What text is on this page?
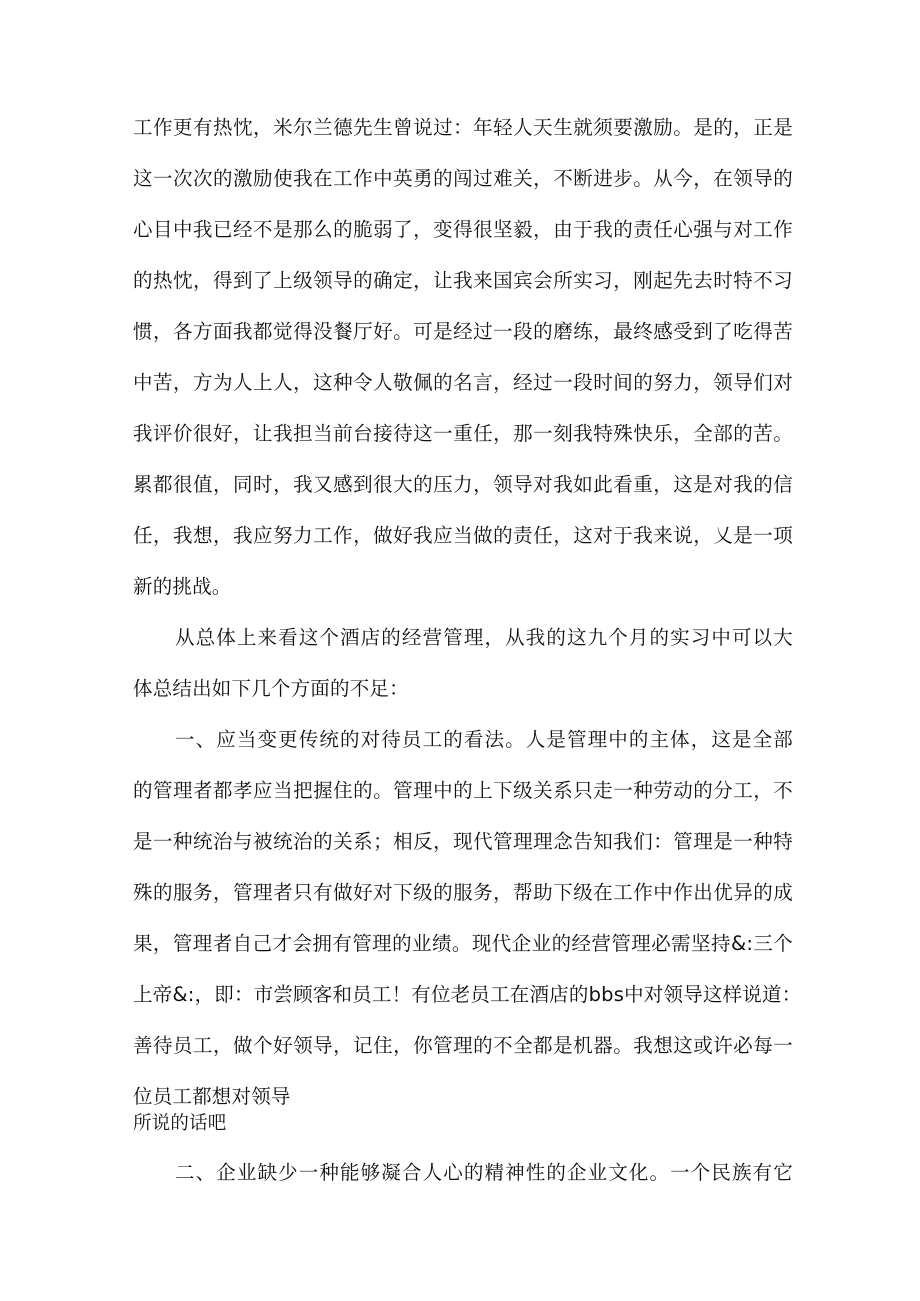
工作更有热忱，米尔兰德先生曾说过：年轻人天生就须要激励。是的，正是
这一次次的激励使我在工作中英勇的闯过难关，不断进步。从今，在领导的
心目中我已经不是那么的脆弱了，变得很坚毅，由于我的责任心强与对工作
的热忱，得到了上级领导的确定，让我来国宾会所实习，刚起先去时特不习
惯，各方面我都觉得没餐厅好。可是经过一段的磨练，最终感受到了吃得苦
中苦，方为人上人，这种令人敬佩的名言，经过一段时间的努力，领导们对
我评价很好，让我担当前台接待这一重任，那一刻我特殊快乐，全部的苦。
累都很值，同时，我又感到很大的压力，领导对我如此看重，这是对我的信
任，我想，我应努力工作，做好我应当做的责任，这对于我来说，乂是一项
新的挑战。
从总体上来看这个酒店的经营管理，从我的这九个月的实习中可以大
体总结出如下几个方面的不足：
一、应当变更传统的对待员工的看法。人是管理中的主体，这是全部
的管理者都孝应当把握住的。管理中的上下级关系只走一种劳动的分工，不
是一种统治与被统治的关系；相反，现代管理理念告知我们：管理是一种特
殊的服务，管理者只有做好对下级的服务，帮助下级在工作中作出优异的成
果，管理者自己才会拥有管理的业绩。现代企业的经营管理必需坚持&:三个
上帝&:，即：市尝顾客和员工！有位老员工在酒店的bbs中对领导这样说道：
善待员工，做个好领导，记住，你管理的不全都是机器。我想这或许必每一
位员工都想对领导
所说的话吧
二、企业缺少一种能够凝合人心的精神性的企业文化。一个民族有它
